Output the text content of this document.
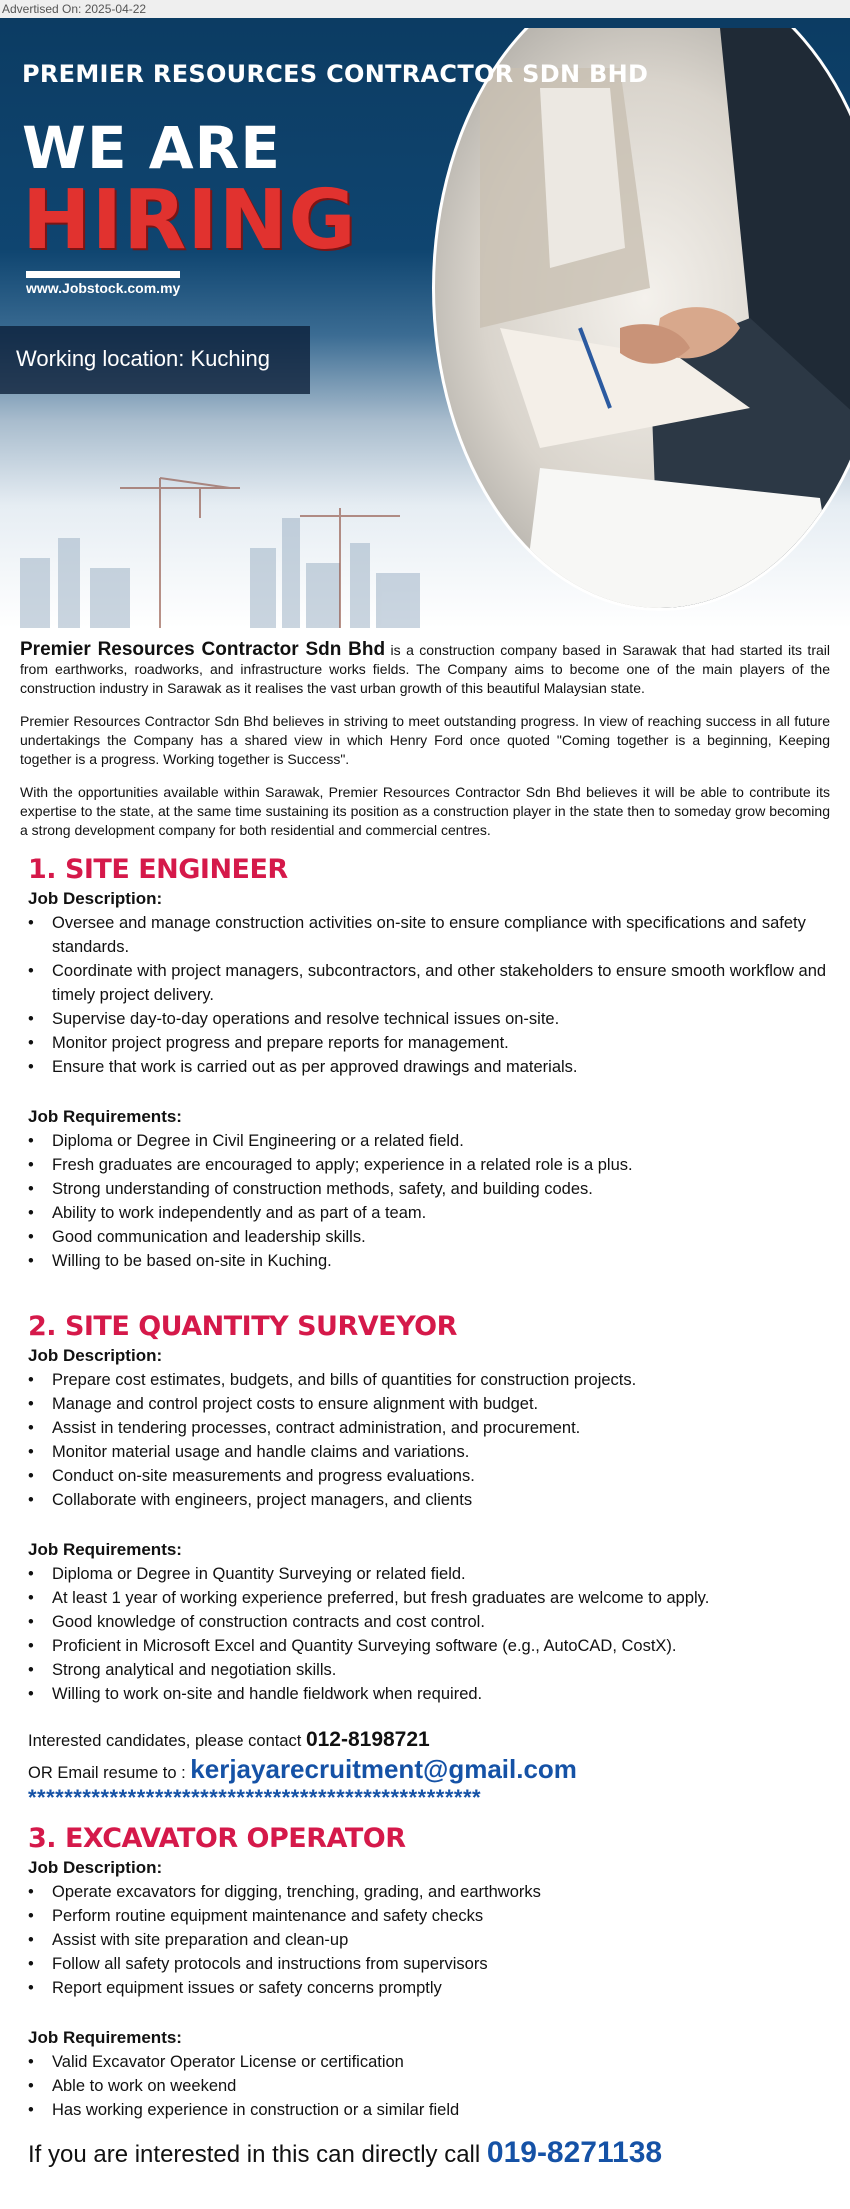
Advertised On: 2025-04-22
PREMIER RESOURCES CONTRACTOR SDN BHD
WE ARE
HIRING
www.Jobstock.com.my
Working location: Kuching

Premier Resources Contractor Sdn Bhd is a construction company based in Sarawak that had started its trail from earthworks, roadworks, and infrastructure works fields. The Company aims to become one of the main players of the construction industry in Sarawak as it realises the vast urban growth of this beautiful Malaysian state.

Premier Resources Contractor Sdn Bhd believes in striving to meet outstanding progress. In view of reaching success in all future undertakings the Company has a shared view in which Henry Ford once quoted "Coming together is a beginning, Keeping together is a progress. Working together is Success".

With the opportunities available within Sarawak, Premier Resources Contractor Sdn Bhd believes it will be able to contribute its expertise to the state, at the same time sustaining its position as a construction player in the state then to someday grow becoming a strong development company for both residential and commercial centres.

1. SITE ENGINEER
Job Description:
• Oversee and manage construction activities on-site to ensure compliance with specifications and safety standards.
• Coordinate with project managers, subcontractors, and other stakeholders to ensure smooth workflow and timely project delivery.
• Supervise day-to-day operations and resolve technical issues on-site.
• Monitor project progress and prepare reports for management.
• Ensure that work is carried out as per approved drawings and materials.
Job Requirements:
• Diploma or Degree in Civil Engineering or a related field.
• Fresh graduates are encouraged to apply; experience in a related role is a plus.
• Strong understanding of construction methods, safety, and building codes.
• Ability to work independently and as part of a team.
• Good communication and leadership skills.
• Willing to be based on-site in Kuching.
2. SITE QUANTITY SURVEYOR
Job Description:
• Prepare cost estimates, budgets, and bills of quantities for construction projects.
• Manage and control project costs to ensure alignment with budget.
• Assist in tendering processes, contract administration, and procurement.
• Monitor material usage and handle claims and variations.
• Conduct on-site measurements and progress evaluations.
• Collaborate with engineers, project managers, and clients
Job Requirements:
• Diploma or Degree in Quantity Surveying or related field.
• At least 1 year of working experience preferred, but fresh graduates are welcome to apply.
• Good knowledge of construction contracts and cost control.
• Proficient in Microsoft Excel and Quantity Surveying software (e.g., AutoCAD, CostX).
• Strong analytical and negotiation skills.
• Willing to work on-site and handle fieldwork when required.
Interested candidates, please contact 012-8198721
OR Email resume to : kerjayarecruitment@gmail.com
**************************************************
3. EXCAVATOR OPERATOR
Job Description:
• Operate excavators for digging, trenching, grading, and earthworks
• Perform routine equipment maintenance and safety checks
• Assist with site preparation and clean-up
• Follow all safety protocols and instructions from supervisors
• Report equipment issues or safety concerns promptly
Job Requirements:
• Valid Excavator Operator License or certification
• Able to work on weekend
• Has working experience in construction or a similar field
If you are interested in this can directly call 019-8271138
